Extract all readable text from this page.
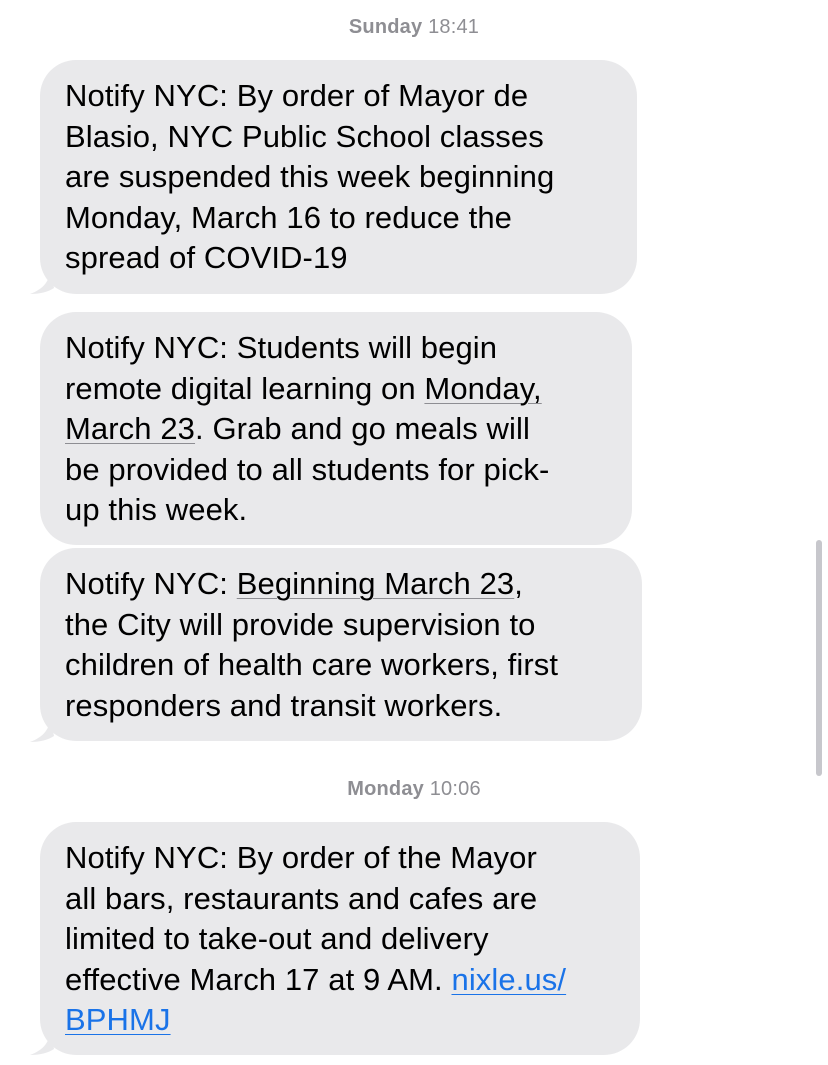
Sunday 18:41
Notify NYC: By order of Mayor de
Blasio, NYC Public School classes
are suspended this week beginning
Monday, March 16 to reduce the
spread of COVID-19
Notify NYC: Students will begin
remote digital learning on Monday,
March 23. Grab and go meals will
be provided to all students for pick-
up this week.
Notify NYC: Beginning March 23,
the City will provide supervision to
children of health care workers, first
responders and transit workers.
Monday 10:06
Notify NYC: By order of the Mayor
all bars, restaurants and cafes are
limited to take-out and delivery
effective March 17 at 9 AM. nixle.us/
BPHMJ
